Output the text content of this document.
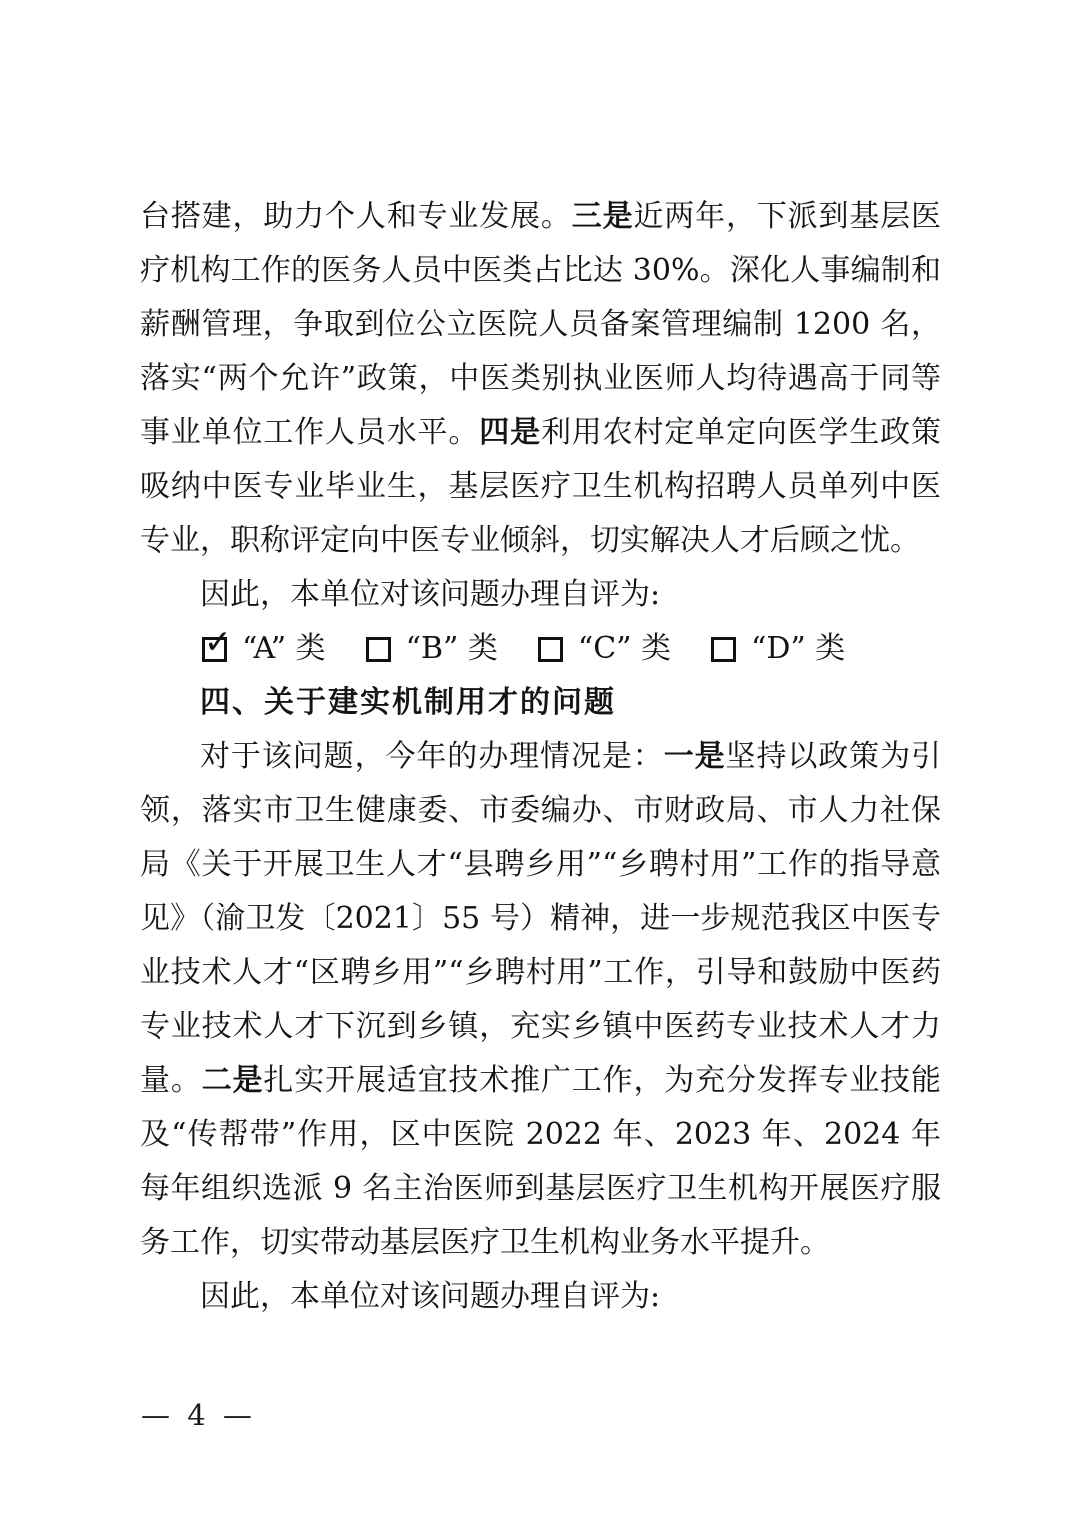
台搭建，助力个人和专业发展。三是近两年，下派到基层医疗机构工作的医务人员中医类占比达 30%。深化人事编制和薪酬管理，争取到位公立医院人员备案管理编制 1200 名，落实“两个允许”政策，中医类别执业医师人均待遇高于同等事业单位工作人员水平。四是利用农村定单定向医学生政策吸纳中医专业毕业生，基层医疗卫生机构招聘人员单列中医专业，职称评定向中医专业倾斜，切实解决人才后顾之忧。

因此，本单位对该问题办理自评为:

✓ “A” 类	“B” 类	“C” 类	“D” 类

四、关于建实机制用才的问题

对于该问题，今年的办理情况是：一是坚持以政策为引领，落实市卫生健康委、市委编办、市财政局、市人力社保局《关于开展卫生人才“县聘乡用”“乡聘村用”工作的指导意见》（渝卫发〔2021〕55 号）精神，进一步规范我区中医专业技术人才“区聘乡用”“乡聘村用”工作，引导和鼓励中医药专业技术人才下沉到乡镇，充实乡镇中医药专业技术人才力量。二是扎实开展适宜技术推广工作，为充分发挥专业技能及“传帮带”作用，区中医院 2022 年、2023 年、2024 年每年组织选派 9 名主治医师到基层医疗卫生机构开展医疗服务工作，切实带动基层医疗卫生机构业务水平提升。

因此，本单位对该问题办理自评为:

— 4 —
